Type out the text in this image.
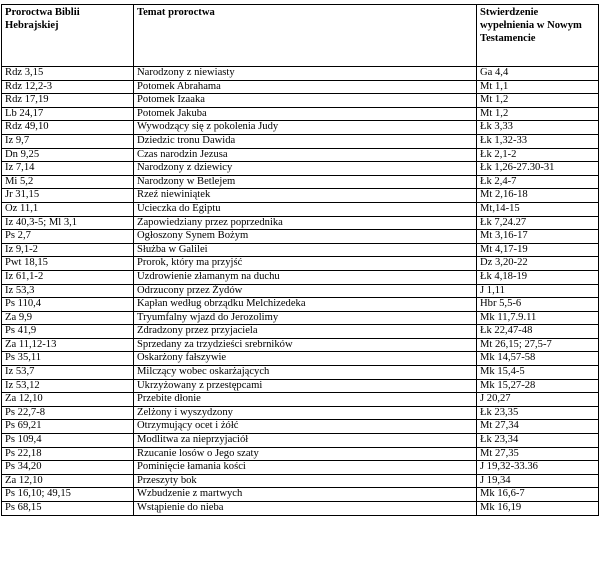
Proroctwa Biblii Hebrajskiej	Temat proroctwa	Stwierdzenie wypełnienia w Nowym Testamencie
Rdz 3,15	Narodzony z niewiasty	Ga 4,4
Rdz 12,2-3	Potomek Abrahama	Mt 1,1
Rdz 17,19	Potomek Izaaka	Mt 1,2
Lb 24,17	Potomek Jakuba	Mt 1,2
Rdz 49,10	Wywodzący się z pokolenia Judy	Łk 3,33
Iz 9,7	Dziedzic tronu Dawida	Łk 1,32-33
Dn 9,25	Czas narodzin Jezusa	Łk 2,1-2
Iz 7,14	Narodzony z dziewicy	Łk 1,26-27.30-31
Mi 5,2	Narodzony w Betlejem	Łk 2,4-7
Jr 31,15	Rzeź niewiniątek	Mt 2,16-18
Oz 11,1	Ucieczka do Egiptu	Mt,14-15
Iz 40,3-5; Ml 3,1	Zapowiedziany przez poprzednika	Łk 7,24.27
Ps 2,7	Ogłoszony Synem Bożym	Mt 3,16-17
Iz 9,1-2	Służba w Galilei	Mt 4,17-19
Pwt 18,15	Prorok, który ma przyjść	Dz 3,20-22
Iz 61,1-2	Uzdrowienie złamanym na duchu	Łk 4,18-19
Iz 53,3	Odrzucony przez Żydów	J 1,11
Ps 110,4	Kapłan według obrządku Melchizedeka	Hbr 5,5-6
Za 9,9	Tryumfalny wjazd do Jerozolimy	Mk 11,7.9.11
Ps 41,9	Zdradzony przez przyjaciela	Łk 22,47-48
Za 11,12-13	Sprzedany za trzydzieści srebrników	Mt 26,15; 27,5-7
Ps 35,11	Oskarżony fałszywie	Mk 14,57-58
Iz 53,7	Milczący wobec oskarżających	Mk 15,4-5
Iz 53,12	Ukrzyżowany z przestępcami	Mk 15,27-28
Za 12,10	Przebite dłonie	J 20,27
Ps 22,7-8	Zelżony i wyszydzony	Łk 23,35
Ps 69,21	Otrzymujący ocet i żółć	Mt 27,34
Ps 109,4	Modlitwa za nieprzyjaciół	Łk 23,34
Ps 22,18	Rzucanie losów o Jego szaty	Mt 27,35
Ps 34,20	Pominięcie łamania kości	J 19,32-33.36
Za 12,10	Przeszyty bok	J 19,34
Ps 16,10; 49,15	Wzbudzenie z martwych	Mk 16,6-7
Ps 68,15	Wstąpienie do nieba	Mk 16,19
